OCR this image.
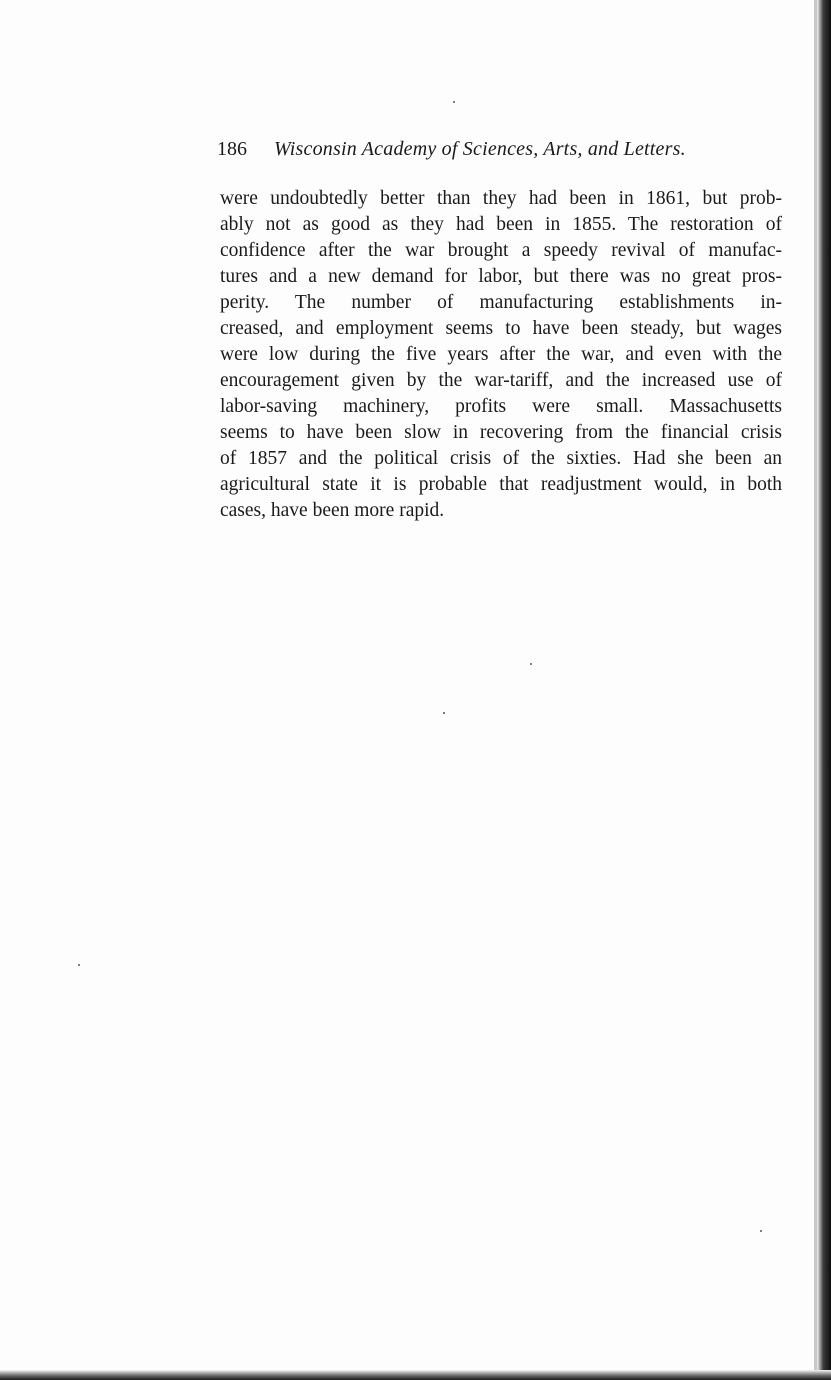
186 Wisconsin Academy of Sciences, Arts, and Letters.
were undoubtedly better than they had been in 1861, but prob-
ably not as good as they had been in 1855. The restoration of
confidence after the war brought a speedy revival of manufac-
tures and a new demand for labor, but there was no great pros-
perity. The number of manufacturing establishments in-
creased, and employment seems to have been steady, but wages
were low during the five years after the war, and even with the
encouragement given by the war-tariff, and the increased use of
labor-saving machinery, profits were small. Massachusetts
seems to have been slow in recovering from the financial crisis
of 1857 and the political crisis of the sixties. Had she been an
agricultural state it is probable that readjustment would, in both
cases, have been more rapid.
